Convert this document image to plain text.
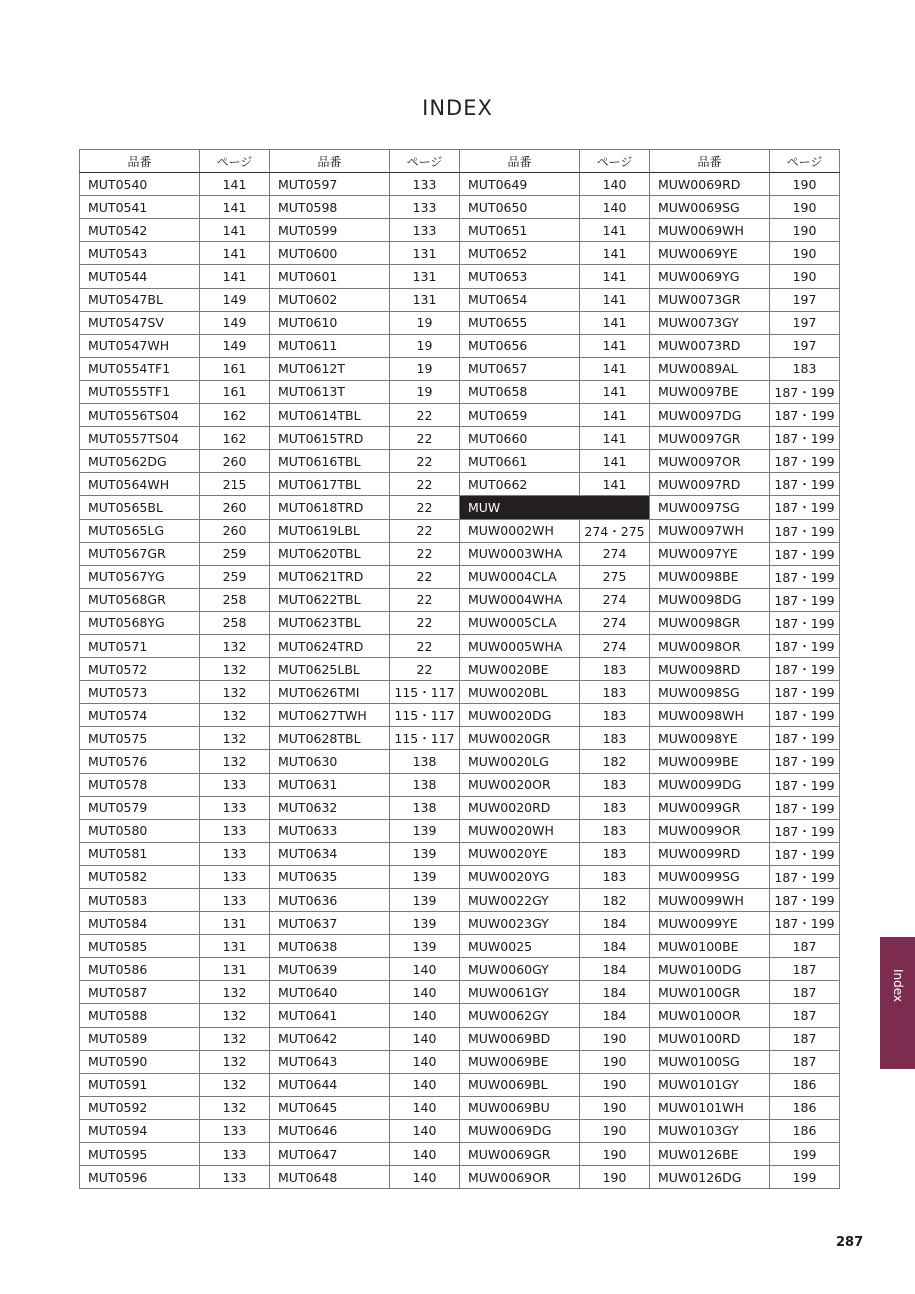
INDEX
品番	ページ	品番	ページ	品番	ページ	品番	ページ
MUT0540	141	MUT0597	133	MUT0649	140	MUW0069RD	190
MUT0541	141	MUT0598	133	MUT0650	140	MUW0069SG	190
MUT0542	141	MUT0599	133	MUT0651	141	MUW0069WH	190
MUT0543	141	MUT0600	131	MUT0652	141	MUW0069YE	190
MUT0544	141	MUT0601	131	MUT0653	141	MUW0069YG	190
MUT0547BL	149	MUT0602	131	MUT0654	141	MUW0073GR	197
MUT0547SV	149	MUT0610	19	MUT0655	141	MUW0073GY	197
MUT0547WH	149	MUT0611	19	MUT0656	141	MUW0073RD	197
MUT0554TF1	161	MUT0612T	19	MUT0657	141	MUW0089AL	183
MUT0555TF1	161	MUT0613T	19	MUT0658	141	MUW0097BE	187・199
MUT0556TS04	162	MUT0614TBL	22	MUT0659	141	MUW0097DG	187・199
MUT0557TS04	162	MUT0615TRD	22	MUT0660	141	MUW0097GR	187・199
MUT0562DG	260	MUT0616TBL	22	MUT0661	141	MUW0097OR	187・199
MUT0564WH	215	MUT0617TBL	22	MUT0662	141	MUW0097RD	187・199
MUT0565BL	260	MUT0618TRD	22	MUW		MUW0097SG	187・199
MUT0565LG	260	MUT0619LBL	22	MUW0002WH	274・275	MUW0097WH	187・199
MUT0567GR	259	MUT0620TBL	22	MUW0003WHA	274	MUW0097YE	187・199
MUT0567YG	259	MUT0621TRD	22	MUW0004CLA	275	MUW0098BE	187・199
MUT0568GR	258	MUT0622TBL	22	MUW0004WHA	274	MUW0098DG	187・199
MUT0568YG	258	MUT0623TBL	22	MUW0005CLA	274	MUW0098GR	187・199
MUT0571	132	MUT0624TRD	22	MUW0005WHA	274	MUW0098OR	187・199
MUT0572	132	MUT0625LBL	22	MUW0020BE	183	MUW0098RD	187・199
MUT0573	132	MUT0626TMI	115・117	MUW0020BL	183	MUW0098SG	187・199
MUT0574	132	MUT0627TWH	115・117	MUW0020DG	183	MUW0098WH	187・199
MUT0575	132	MUT0628TBL	115・117	MUW0020GR	183	MUW0098YE	187・199
MUT0576	132	MUT0630	138	MUW0020LG	182	MUW0099BE	187・199
MUT0578	133	MUT0631	138	MUW0020OR	183	MUW0099DG	187・199
MUT0579	133	MUT0632	138	MUW0020RD	183	MUW0099GR	187・199
MUT0580	133	MUT0633	139	MUW0020WH	183	MUW0099OR	187・199
MUT0581	133	MUT0634	139	MUW0020YE	183	MUW0099RD	187・199
MUT0582	133	MUT0635	139	MUW0020YG	183	MUW0099SG	187・199
MUT0583	133	MUT0636	139	MUW0022GY	182	MUW0099WH	187・199
MUT0584	131	MUT0637	139	MUW0023GY	184	MUW0099YE	187・199
MUT0585	131	MUT0638	139	MUW0025	184	MUW0100BE	187
MUT0586	131	MUT0639	140	MUW0060GY	184	MUW0100DG	187
MUT0587	132	MUT0640	140	MUW0061GY	184	MUW0100GR	187
MUT0588	132	MUT0641	140	MUW0062GY	184	MUW0100OR	187
MUT0589	132	MUT0642	140	MUW0069BD	190	MUW0100RD	187
MUT0590	132	MUT0643	140	MUW0069BE	190	MUW0100SG	187
MUT0591	132	MUT0644	140	MUW0069BL	190	MUW0101GY	186
MUT0592	132	MUT0645	140	MUW0069BU	190	MUW0101WH	186
MUT0594	133	MUT0646	140	MUW0069DG	190	MUW0103GY	186
MUT0595	133	MUT0647	140	MUW0069GR	190	MUW0126BE	199
MUT0596	133	MUT0648	140	MUW0069OR	190	MUW0126DG	199
Index
287
